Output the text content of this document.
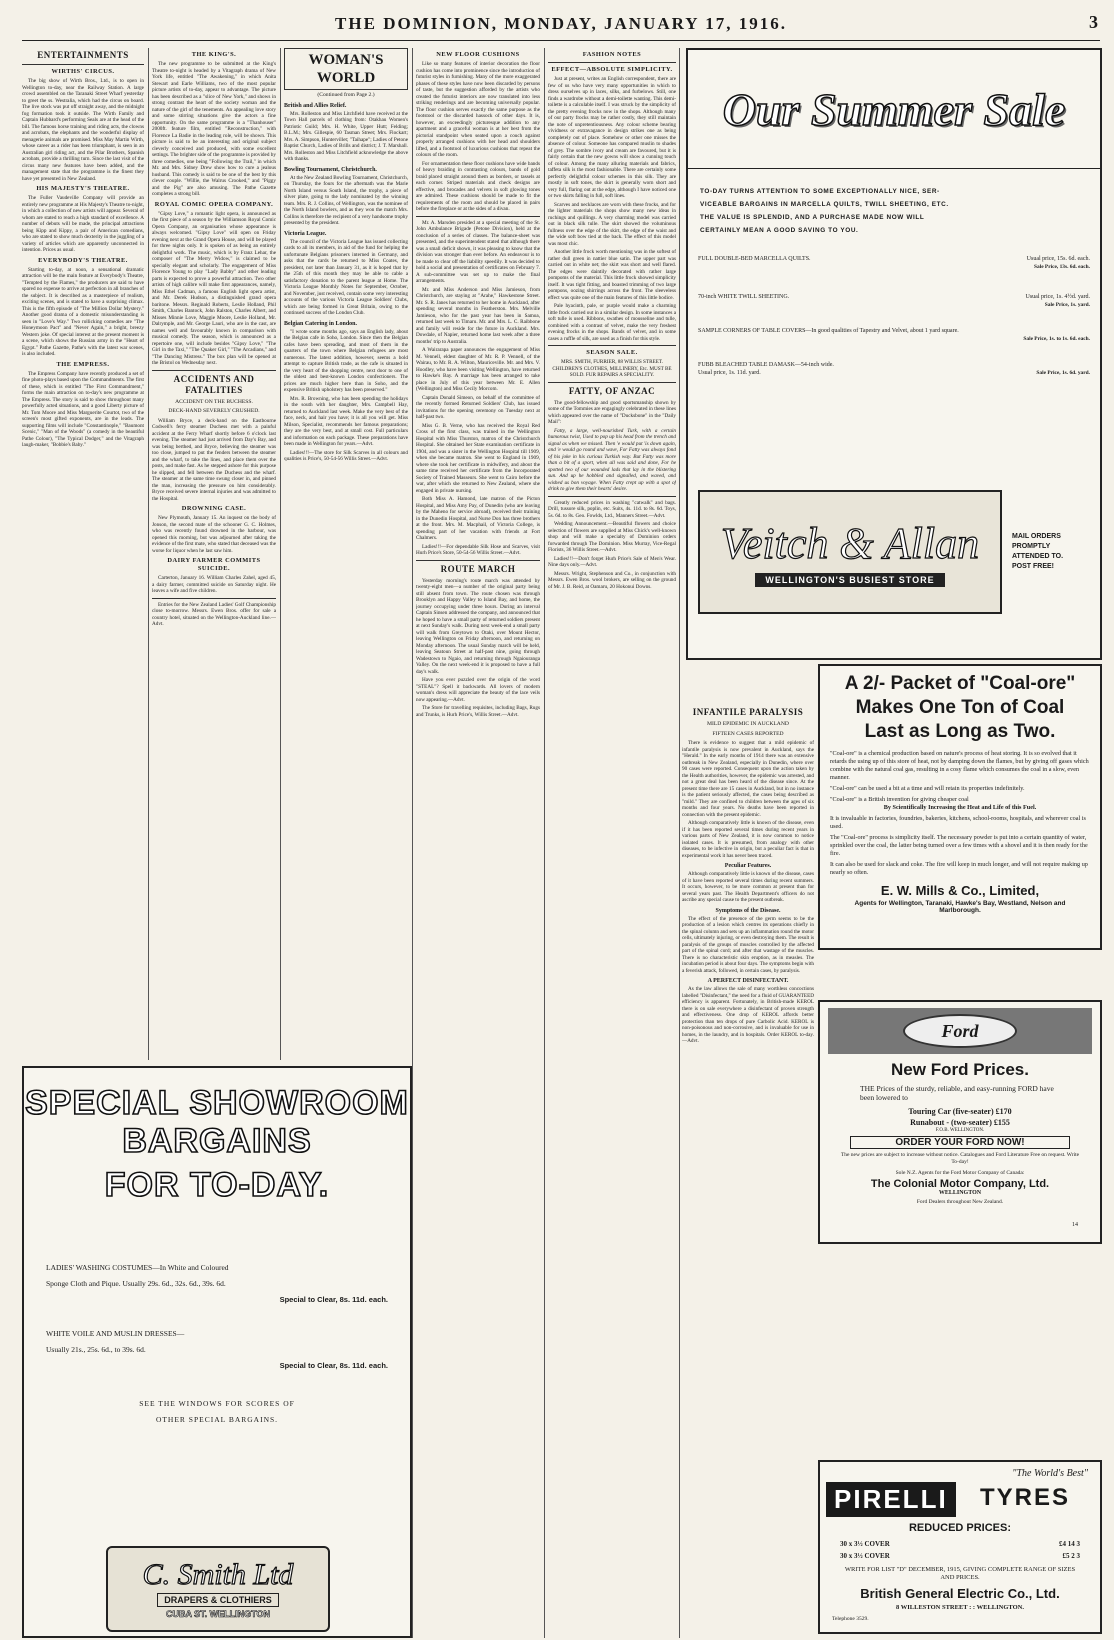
THE DOMINION, MONDAY, JANUARY 17, 1916.	3
ENTERTAINMENTS
WIRTHS' CIRCUS.

The big show of Wirth Bros., Ltd., is to open in Wellington to-day, near the Railway Station. A large crowd assembled on the Taranaki Street Wharf yesterday to greet the ss. Westralia, which had the circus on board. The live stock was put off straight away, and the midnight fog formation took it outside. The Wirth Family and Captain Hubbard's performing Seals are at the head of the bill. The famous horse training and riding acts, the clowns and acrobats, the elephants and the wonderful display of menagerie animals are promised. Miss May Martin Wirth, whose career as a rider has been triumphant, is seen in an Australian girl riding act, and the Pilar Brothers, Spanish acrobats, provide a thrilling turn. Since the last visit of the circus many new features have been added, and the management state that the programme is the finest they have yet presented in New Zealand.

HIS MAJESTY'S THEATRE.

The Fuller Vaudeville Company will provide an entirely new programme at His Majesty's Theatre to-night, in which a collection of new artists will appear. Several of whom are stated to reach a high standard of excellence. A number of debuts will be made, the principal attractions being Kipp and Kippy, a pair of American comedians, who are stated to show much dexterity in the juggling of a variety of articles which are apparently unconnected in intention. Prices as usual.

EVERYBODY'S THEATRE.

Starting to-day, at noon, a sensational dramatic attraction will be the main feature at Everybody's Theatre, "Tempted by the Flames," the producers are said to have spared no expense to arrive at perfection in all branches of the subject. It is described as a masterpiece of realism, exciting scenes, and is stated to have a surprising climax. This is the fifth episode of "The Million Dollar Mystery." Another good drama of a domestic misunderstanding is seen in "Love's Way." Two rollicking comedies are "The Honeymoon Pact" and "Never Again," a bright, breezy Western joke. Of special interest at the present moment is a scene, which shows the Russian army in the "Heart of Egypt." Pathe Gazette, Pathe's with the latest war scenes, is also included.

THE EMPRESS.

The Empress Company have recently produced a set of fine photo-plays based upon the Commandments. The first of these, which is entitled "The First Commandment," forms the main attraction on to-day's new programme at The Empress. The story is said to show throughout many powerfully acted situations, and a good Liberty picture of Mr. Tom Moore and Miss Marguerite Courtot, two of the screen's most gifted exponents, are in the leads. The supporting films will include "Constantinople," "Baumont Scenic," "Man of the Woods" (a comedy in the beautiful Pathe Colour), "The Typical Dodger," and the Vitagraph laugh-maker, "Bobbie's Baby."

THE KING'S.

The new programme to be submitted at the King's Theatre to-night is headed by a Vitagraph drama of New York life, entitled "The Awakening," in which Anita Stewart and Earle Williams, two of the most popular picture artists of to-day, appear to advantage. The picture has been described as a "slice of New York," and shows in strong contrast the heart of the society woman and the nature of the girl of the tenements. An appealing love story and some stirring situations give the actors a fine opportunity. On the same programme is a "Thanhouser" 2000ft. feature film, entitled "Reconstruction," with Florence La Badie in the leading role, will be shown. This picture is said to be an interesting and original subject cleverly conceived and produced, with some excellent settings. The brighter side of the programme is provided by three comedies, one being "Following the Trail," in which Mr. and Mrs. Sidney Drew show how to cure a jealous husband. This comedy is said to be one of the best by this clever couple. "Willie, the Walrus Crooked," and "Piggy and the Pig" are also amusing. The Pathe Gazette completes a strong bill.

ROYAL COMIC OPERA COMPANY.

"Gipsy Love," a romantic light opera, is announced as the first piece of a season by the Williamson Royal Comic Opera Company, an organisation whose appearance is always welcomed. "Gipsy Love" will open on Friday evening next at the Grand Opera House, and will be played for three nights only. It is spoken of as being an entirely delightful work. The music, which is by Franz Lehar, the composer of "The Merry Widow," is claimed to be specially elegant and scholarly. The engagement of Miss Florence Young to play "Lady Babby" and other leading parts is expected to prove a powerful attraction. Two other artists of high calibre will make first appearances, namely, Miss Ethel Cadman, a famous English light opera artist, and Mr. Derek Hudson, a distinguished grand opera baritone. Messrs. Reginald Roberts, Leslie Holland, Phil Smith, Charles Bantock, John Ralston, Charles Albert, and Misses Minnie Love, Maggie Moore, Leslie Holland, Mr. Dalrymple, and Mr. George Lauri, who are in the cast, are names well and favourably known in comparison with musical comedy. The season, which is announced as a repertoire one, will include besides "Gipsy Love," "The Girl in the Taxi," "The Quaker Girl," "The Arcadians," and "The Dancing Mistress." The box plan will be opened at the Bristol on Wednesday next.

ACCIDENTS AND FATALITIES
ACCIDENT ON THE BUCHESS.
DECK-HAND SEVERELY CRUSHED.

William Bryce, a deck-hand on the Eastbourne Codwell's ferry steamer Duchess met with a painful accident at the Ferry Wharf shortly before 6 o'clock last evening. The steamer had just arrived from Day's Bay, and was being berthed, and Bryce, believing the steamer was too close, jumped to put the fenders between the steamer and the wharf, to take the lines, and place them over the posts, and make fast. As he stepped ashore for this purpose he slipped, and fell between the Duchess and the wharf. The steamer at the same time swung closer in, and pinned the man, increasing the pressure on him considerably. Bryce received severe internal injuries and was admitted to the Hospital.

DROWNING CASE.

New Plymouth, January 15. An inquest on the body of Jonson, the second mate of the schooner G. C. Holmes, who was recently found drowned in the harbour, was opened this morning, but was adjourned after taking the evidence of the first mate, who stated that deceased was the worse for liquor when he last saw him.

DAIRY FARMER COMMITS SUICIDE.

Carterton, January 16. William Charles Zahel, aged 45, a dairy farmer, committed suicide on Saturday night. He leaves a wife and five children.

Entries for the New Zealand Ladies' Golf Championship close to-morrow. Messrs. Ewen Bros. offer for sale a country hotel, situated on the Wellington-Auckland line.—Advt.

WOMAN'S WORLD
(Continued from Page 2.)
British and Allies Relief.

Mrs. Rolleston and Miss Litchfield have received at the Town Hall parcels of clothing from: Otakhau Women's Patriotic Guild; Mrs. H. White, Upper Hutt; Felding; B.L.M.; Mrs. Gillespie, 60 Tasman Street; Mrs. Flockart; Mrs. A. Simpson, Huntervillet; "Taihape"; Ladies of Petone Baptist Church, Ladies of Brills and district; J. T. Marshall. Mrs. Rolleston and Miss Litchfield acknowledge the above with thanks.

Bowling Tournament, Christchurch.

At the New Zealand Bowling Tournament, Christchurch, on Thursday, the fours for the aftermath was the Marie North Island versus South Island, the trophy, a piece of silver plate, going to the lady nominated by the winning team. Mrs. R. J. Collins, of Wellington, was the nominee of the North Island bowlers, and as they won the match Mrs. Collins is therefore the recipient of a very handsome trophy presented by the president.

Victoria League.

The council of the Victoria League has issued collecting cards to all its members, in aid of the fund for helping the unfortunate Belgians prisoners interned in Germany, and asks that the cards be returned to Miss Coates, the president, not later than January 31, as it is hoped that by the 25th of this month they may be able to cable a satisfactory donation to the parent league at Home. The Victoria League Monthly Notes for September, October, and November, just received, contain some very interesting accounts of the various Victoria League Soldiers' Clubs, which are being formed in Great Britain, owing to the continued success of the London Club.

Belgian Catering in London.

"I wrote some months ago, says an English lady, about the Belgian cafe in Soho, London. Since then the Belgian cafes have been spreading, and most of them in the quarters of the town where Belgian refugees are most numerous. The latest addition, however, seems a bold attempt to capture British trade, as the cafe is situated in the very heart of the shopping centre, next door to one of the oldest and best-known London confectioners. The prices are much higher here than in Soho, and the expensive British upholstery has been preserved."

Mrs. R. Browning, who has been spending the holidays in the south with her daughter, Mrs. Campbell Hay, returned to Auckland last week. Make the very best of the face, neck, and hair you have; it is all you will get. Miss Milson, Specialist, recommends her famous preparations; they are the very best, and at small cost. Full particulars and information on each package. These preparations have been made in Wellington for years.—Advt.

Ladies!!!—The store for Silk Scarves in all colours and qualities is Price's, 50-54-56 Willis Street.—Advt.

NEW FLOOR CUSHIONS

Like so many features of interior decoration the floor cushion has come into prominence since the introduction of futurist styles in furnishing. Many of the more exaggerated phases of these styles have now been discarded by persons of taste, but the suggestion afforded by the artists who created the futurist interiors are now translated into less striking renderings and are becoming universally popular. The floor cushion serves exactly the same purpose as the footstool or the discarded hassock of other days. It is, however, an exceedingly picturesque addition to any apartment and a graceful woman is at her best from the pictorial standpoint when seated upon a couch against properly arranged cushions with her head and shoulders lifted, and a footstool of luxurious cushions that repeat the colours of the room.

For ornamentation these floor cushions have wide bands of heavy braiding in contrasting colours, bands of gold braid placed straight around them as borders, or tassels at each corner. Striped materials and check designs are effective, and brocades and velvets in soft glowing tones are admired. These cushions should be made to fit the requirements of the room and should be placed in pairs before the fireplace or at the sides of a divan.

Mr. A. Marsden presided at a special meeting of the St. John Ambulance Brigade (Petone Division), held at the conclusion of a series of classes. The balance-sheet was presented, and the superintendent stated that although there was a small deficit shown, it was pleasing to know that the division was stronger than ever before. An endeavour is to be made to clear off the liability speedily. It was decided to hold a social and presentation of certificates on February 7. A sub-committee was set up to make the final arrangements.

Mr. and Miss Anderson and Miss Jamieson, from Christchurch, are staying at "Arahe," Hawkestone Street. Mr. S. R. Janes has returned to her home in Auckland, after spending several months in Featherston. Mrs. Melville Jamieson, who for the past year has been in Samoa, returned last week to Timaru. Mr. and Mrs. L. C. Raibbone and family will reside for the future in Auckland. Mrs. Dowdale, of Napier, returned home last week after a three months' trip to Australia.

A Wairarapa paper announces the engagement of Miss M. Vennell, eldest daughter of Mr. R. P. Vennell, of the Wairau, to Mr. R. A. Wilton, Mauriceville. Mr. and Mrs. V. Hoodley, who have been visiting Wellington, have returned to Hawke's Bay. A marriage has been arranged to take place in July of this year between Mr. E. Allen (Wellington) and Miss Cecily Morcom.

Captain Donald Simeon, on behalf of the committee of the recently formed Returned Soldiers' Club, has issued invitations for the opening ceremony on Tuesday next at half-past two.

Miss G. B. Verne, who has received the Royal Red Cross of the first class, was trained in the Wellington Hospital with Miss Thurston, matron of the Christchurch Hospital. She obtained her State examination certificate in 1904, and was a sister in the Wellington Hospital till 1909, when she became matron. She went to England in 1909, where she took her certificate in midwifery, and about the same time received her certificate from the Incorporated Society of Trained Masseurs. She went to Cairo before the war, after which she returned to New Zealand, where she engaged in private nursing.

Both Miss A. Hamond, late matron of the Picton Hospital, and Miss Amy Pay, of Dunedin (who are leaving by the Maheno for service abroad), received their training in the Dunedin Hospital, and Nurse Don has three brothers at the front. Mrs. M. Macphail, of Victoria College, is spending part of her vacation with friends at Fort Chalmers.

Ladies!!!—For dependable Silk Hose and Scarves, visit Hurh Price's Store, 50-54-56 Willis Street.—Advt.

ROUTE MARCH

Yesterday morning's route march was attended by twenty-eight men—a number of the original party being still absent from town. The route chosen was through Brooklyn and Happy Valley to Island Bay, and home, the journey occupying under three hours. During an interval Captain Sinsen addressed the company, and announced that he hoped to have a small party of returned soldiers present at next Sunday's walk. During next week-end a small party will walk from Greytown to Otaki, over Mount Hector, leaving Wellington on Friday afternoon, and returning on Monday afternoon. The usual Sunday march will be held, leaving Seatoun Street at half-past nine, going through Wadestown to Ngaio, and returning through Ngaiouranga Valley. On the next week-end it is proposed to have a full day's walk.

Have you ever puzzled over the origin of the word "STEAL"? Spell it backwards. All lovers of modern woman's dress will appreciate the beauty of the lace veils now appearing.—Advt.

The Store for travelling requisites, including Bags, Rugs and Trunks, is Hurh Price's, Willis Street.—Advt.

FASHION NOTES
EFFECT—ABSOLUTE SIMPLICITY.

Just at present, writes an English correspondent, there are few of us who have very many opportunities in which to dress ourselves up in laces, silks, and furbelows. Still, one finds a wardrobe without a demi-toilette wanting. This demi-toilette is a calculable itself. I was struck by the simplicity of the pretty evening frocks now in the shops. Although many of our party frocks may be rather costly, they still maintain the note of unpretentiousness. Any colour scheme bearing vividness or extravagance in design strikes one as being completely out of place. Somehow or other one misses the absence of colour. Someone has compared muslin to shades of grey. The sombre ivory and cream are favoured, but it is fairly certain that the new gowns will show a cunning touch of colour. Among the many alluring materials and fabrics, taffeta silk is the most fashionable. There are certainly some perfectly delightful colour schemes in this silk. They are mostly in soft tones, the skirt is generally worn short and very full, flaring out at the edge, although I have noticed one or two skirts falling in full, soft lines.

Scarves and necklaces are worn with these frocks, and for the lighter materials the shops show many new ideas in ruchings and quillings. A very charming model was carried out in black silk tulle. The skirt showed the voluminous fullness over the edge of the skirt, the edge of the waist and the wide soft bow tied at the back. The effect of this model was most chic.

Another little frock worth mentioning was in the softest of rather dull green in nattier blue satin. The upper part was carried out in white net; the skirt was short and well flared. The edges were daintily decorated with rather large pompoms of the material. This little frock showed simplicity itself. It was tight fitting, and boasted trimming of two large pompons, oozing shirrings across the front. The sleeveless effect was quite one of the main features of this little bodice.

Pale hyacinth, pale, or purple would make a charming little frock carried out in a similar design. In some instances a soft tulle is used. Ribbons, swathes of mousseline and tulle, combined with a contrast of velvet, make the very freshest evening frocks in the shops. Bands of velvet, and in some cases a ruffle of silk, are used as a finish for this style.

SEASON SALE.

MRS. SMITH, FURRIER, 88 WILLIS STREET. CHILDREN'S CLOTHES, MILLINERY, Etc. MUST BE SOLD. FUR REPAIRS A SPECIALITY.

FATTY, OF ANZAC

The good-fellowship and good sportsmanship shown by some of the Tommies are engagingly celebrated in these lines which appeared over the name of "Ducksbone" in the "Daily Mail":

Fatty, a large, well-nourished Turk, with a certain humorous twist, Used to pop up his head from the trench and signal as when we missed. Then 'e would put 'is down again, and 'e would go round and wave, For Fatty was always fond of his joke in his curious Turkish way. But Fatty was more than a bit of a sport, when all was said and done, For he spotted two of our wounded lads that lay in the blistering sun. And up he hobbled and signalled, and waved, and wished us bon voyage. When Fatty crept up with a spot of drink to give them their hearts' desire.

Greatly reduced prices in washing "catwalk" and bags. Drill, tussore silk, poplin, etc. Suits, 4s. 11d. to 8s. 6d. Toys, 5s. 6d. to 8s. Geo. Fowlds, Ltd., Manners Street.—Advt.

Wedding Announcement.—Beautiful flowers and choice selection of flowers are supplied at Miss Chick's well-known shop and will make a specialty of Dominion orders forwarded through The Dominion. Miss Murray, Vice-Regal Florists, 36 Willis Street.—Advt.

Ladies!!!—Don't forget Hurh Price's Sale of Men's Wear. Nine days only.—Advt.

Messrs. Wright, Stephenson and Co., in conjunction with Messrs. Ewen Bros. wool brokers, are selling on the ground of Mr. J. B. Reid, at Oamaru, 20 Hokonui Downs.

INFANTILE PARALYSIS
MILD EPIDEMIC IN AUCKLAND
FIFTEEN CASES REPORTED

There is evidence to suggest that a mild epidemic of infantile paralysis is now prevalent in Auckland, says the "Herald." In the early months of 1914 there was an extensive outbreak in New Zealand, especially in Dunedin, where over 90 cases were reported. Consequent upon the action taken by the Health authorities, however, the epidemic was arrested, and not a great deal has been heard of the disease since. At the present time there are 15 cases in Auckland, but in no instance is the patient seriously affected, the cases being described as "mild." They are confined to children between the ages of six months and four years. No deaths have been reported in connection with the present epidemic.

Although comparatively little is known of the disease, even if it has been reported several times during recent years in various parts of New Zealand, it is now common to notice isolated cases. It is presumed, from analogy with other diseases, to be infective in origin, but a peculiar fact is that in experimental work it has never been traced.

Peculiar Features.

Although comparatively little is known of the disease, cases of it have been reported several times during recent summers. It occurs, however, to be more common at present than for several years past. The Health Department's officers do not ascribe any special cause to the present outbreak.

Symptoms of the Disease.

The effect of the presence of the germ seems to be the production of a lesion which centres its operations chiefly in the spinal column and sets up an inflammation round the motor cells, ultimately injuring, or even destroying them. The result is paralysis of the groups of muscles controlled by the affected part of the spinal cord; and after that wastage of the muscles. There is no characteristic skin eruption, as in measles. The incubation period is about four days. The symptoms begin with a feverish attack, followed, in certain cases, by paralysis.

A PERFECT DISINFECTANT.

As the law allows the sale of many worthless concoctions labelled "Disinfectant," the need for a fluid of GUARANTEED efficiency is apparent. Fortunately, in British-made KEROL there is on sale everywhere a disinfectant of proven strength and effectiveness. One drop of KEROL affords better protection than ten drops of pure Carbolic Acid. KEROL is non-poisonous and non-corrosive, and is invaluable for use in homes, in the laundry, and in hospitals. Order KEROL to-day.—Advt.

Our Summer Sale
TO-DAY TURNS ATTENTION TO SOME EXCEPTIONALLY NICE, SER-
VICEABLE BARGAINS IN MARCELLA QUILTS, TWILL SHEETING, ETC.
THE VALUE IS SPLENDID, AND A PURCHASE MADE NOW WILL
CERTAINLY MEAN A GOOD SAVING TO YOU.
FULL DOUBLE-BED MARCELLA QUILTS.	Usual price, 15s. 6d. each.
Sale Price, 13s. 6d. each.
70-inch WHITE TWILL SHEETING.	Usual price, 1s. 4½d. yard.
Sale Price, 1s. yard.
SAMPLE CORNERS OF TABLE COVERS—In good qualities of Tapestry and Velvet, about 1 yard square.
Sale Price, 1s. to 1s. 6d. each.
FUBB BLEACHED TABLE DAMASK—54-inch wide.
Usual price, 1s. 11d. yard.	Sale Price, 1s. 6d. yard.
Veitch & Allan
WELLINGTON'S BUSIEST STORE
MAIL ORDERS
PROMPTLY
ATTENDED TO.
POST FREE!
A 2/- Packet of "Coal-ore"
Makes One Ton of Coal
Last as Long as Two.

"Coal-ore" is a chemical production based on nature's process of heat storing. It is so evolved that it retards the using up of this store of heat, not by damping down the flames, but by giving off gases which combine with the natural coal gas, resulting in a cosy flame which consumes the coal in a slow, even manner.

"Coal-ore" can be used a bit at a time and will retain its properties indefinitely.

"Coal-ore" is a British invention for giving cheaper coal

By Scientifically Increasing the Heat and Life of this Fuel.

It is invaluable in factories, foundries, bakeries, kitchens, school-rooms, hospitals, and wherever coal is used.

The "Coal-ore" process is simplicity itself. The necessary powder is put into a certain quantity of water, sprinkled over the coal, the latter being turned over a few times with a shovel and it is then ready for the fire.

It can also be used for slack and coke. The fire will keep in much longer, and will not require making up nearly so often.

E. W. Mills & Co., Limited,
Agents for Wellington, Taranaki, Hawke's Bay, Westland, Nelson and Marlborough.
Ford
New Ford Prices.

THE Prices of the sturdy, reliable, and easy-running FORD have been lowered to

Touring Car (five-seater) £170
Runabout - (two-seater) £155
F.O.B. WELLINGTON.
ORDER YOUR FORD NOW!
The new prices are subject to increase without notice. Catalogues and Ford Literature Free on request. Write To-day!
Sole N.Z. Agents for the Ford Motor Company of Canada:
The Colonial Motor Company, Ltd.
WELLINGTON
Ford Dealers throughout New Zealand.
14
"The World's Best"
PIRELLI	TYRES
REDUCED PRICES:
30 x 3½ COVER	£4 14 3
30 x 3½ COVER	£5 2 3
WRITE FOR LIST "D" DECEMBER, 1915, GIVING COMPLETE RANGE OF SIZES AND PRICES.
British General Electric Co., Ltd.
8 WILLESTON STREET : : WELLINGTON.
Telephone 3529.
SPECIAL SHOWROOM BARGAINS
FOR TO-DAY.
LADIES' WASHING COSTUMES—In White and Coloured
Sponge Cloth and Pique. Usually 29s. 6d., 32s. 6d., 39s. 6d.
Special to Clear, 8s. 11d. each.
WHITE VOILE AND MUSLIN DRESSES—
Usually 21s., 25s. 6d., to 39s. 6d.
Special to Clear, 8s. 11d. each.
SEE THE WINDOWS FOR SCORES OF
OTHER SPECIAL BARGAINS.
C. Smith Ltd
DRAPERS & CLOTHIERS
CUBA ST. WELLINGTON
